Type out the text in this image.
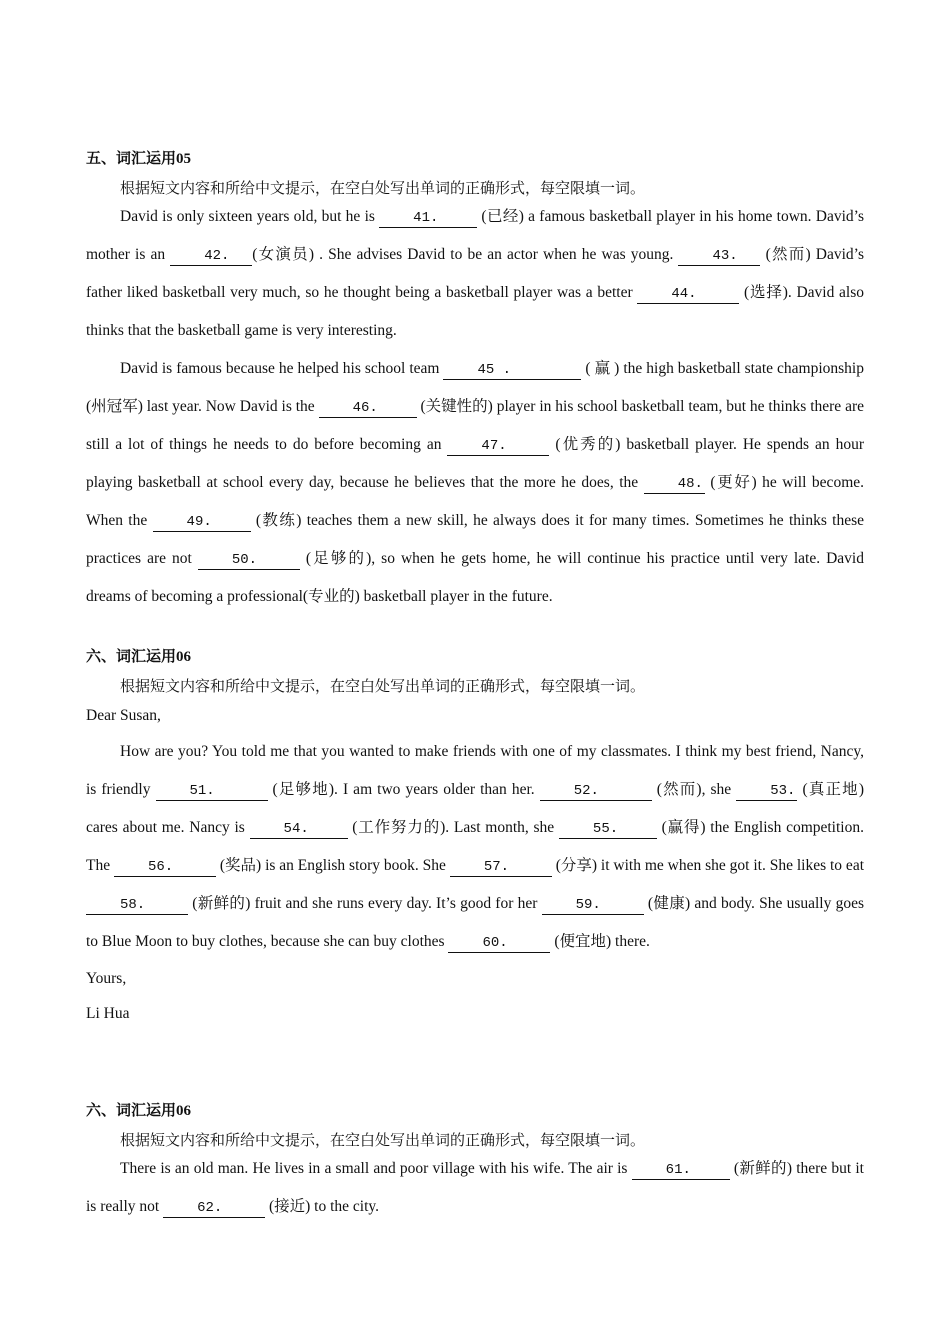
五、词汇运用05
根据短文内容和所给中文提示，在空白处写出单词的正确形式，每空限填一词。

David is only sixteen years old, but he is 41.	(已经) a famous basketball player in his home town. David’s mother is an 42. (女演员) . She advises David to be an actor when he was young. 43. (然而) David’s father liked basketball very much, so he thought being a basketball player was a better 44.	(选择). David also thinks that the basketball game is very interesting.

David is famous because he helped his school team 45 .	( 赢 ) the high basketball state championship (州冠军) last year. Now David is the 46.	(关键性的) player in his school basketball team, but he thinks there are still a lot of things he needs to do before becoming an 47.	(优秀的) basketball player. He spends an hour playing basketball at school every day, because he believes that the more he does, the 48. (更好) he will become. When the 49.	(教练) teaches them a new skill, he always does it for many times. Sometimes he thinks these practices are not 50.	(足够的), so when he gets home, he will continue his practice until very late. David dreams of becoming a professional(专业的) basketball player in the future.

六、词汇运用06
根据短文内容和所给中文提示，在空白处写出单词的正确形式，每空限填一词。

Dear Susan,

How are you? You told me that you wanted to make friends with one of my classmates. I think my best friend, Nancy, is friendly 51.	(足够地). I am two years older than her. 52.	(然而), she 53. (真正地) cares about me. Nancy is 54.	(工作努力的). Last month, she 55.	(赢得) the English competition. The 56.	(奖品) is an English story book. She 57.	(分享) it with me when she got it. She likes to eat 58.	(新鲜的) fruit and she runs every day. It’s good for her 59.	(健康) and body. She usually goes to Blue Moon to buy clothes, because she can buy clothes 60.	(便宜地) there.

Yours,

Li Hua

六、词汇运用06
根据短文内容和所给中文提示，在空白处写出单词的正确形式，每空限填一词。

There is an old man. He lives in a small and poor village with his wife. The air is 61.	(新鲜的) there but it is really not 62.	(接近) to the city.
